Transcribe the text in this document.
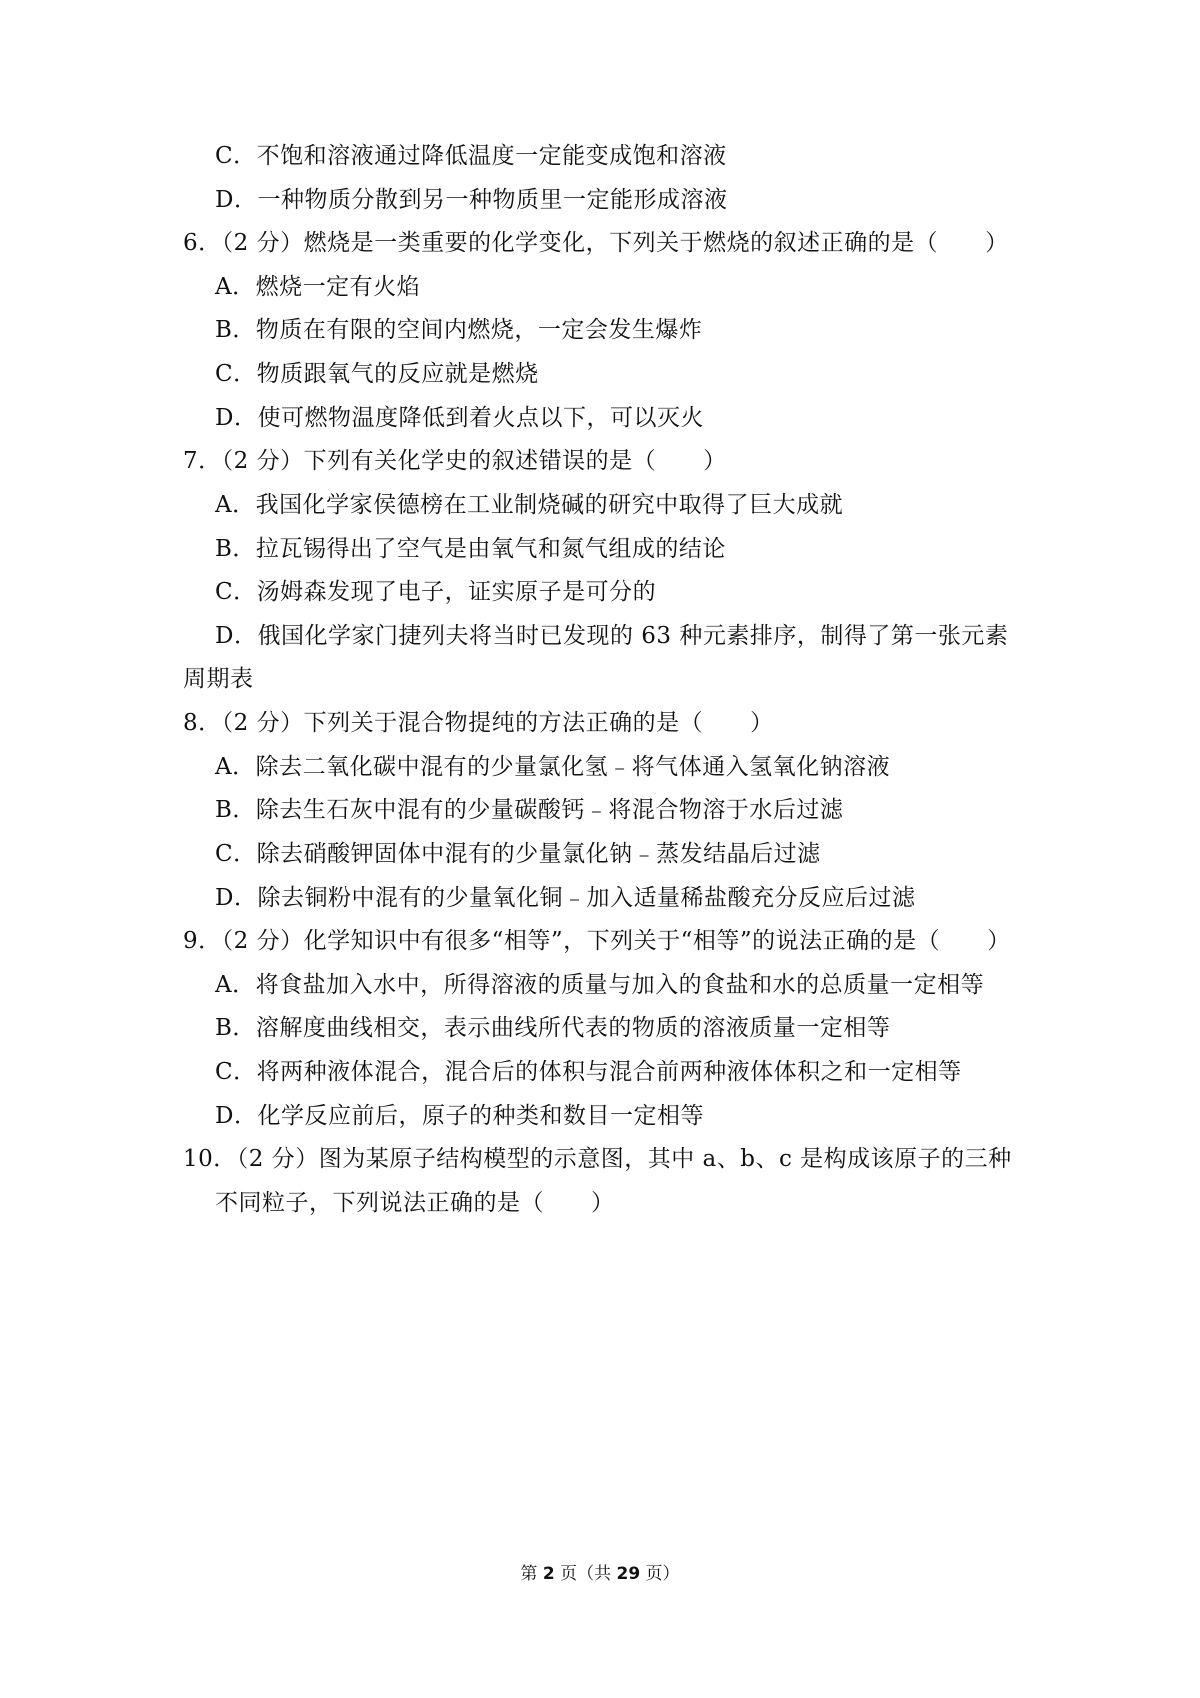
C．不饱和溶液通过降低温度一定能变成饱和溶液
D．一种物质分散到另一种物质里一定能形成溶液
6．（2 分）燃烧是一类重要的化学变化，下列关于燃烧的叙述正确的是（　　）
A．燃烧一定有火焰
B．物质在有限的空间内燃烧，一定会发生爆炸
C．物质跟氧气的反应就是燃烧
D．使可燃物温度降低到着火点以下，可以灭火
7．（2 分）下列有关化学史的叙述错误的是（　　）
A．我国化学家侯德榜在工业制烧碱的研究中取得了巨大成就
B．拉瓦锡得出了空气是由氧气和氮气组成的结论
C．汤姆森发现了电子，证实原子是可分的
D．俄国化学家门捷列夫将当时已发现的 63 种元素排序，制得了第一张元素
周期表
8．（2 分）下列关于混合物提纯的方法正确的是（　　）
A．除去二氧化碳中混有的少量氯化氢﹣将气体通入氢氧化钠溶液
B．除去生石灰中混有的少量碳酸钙﹣将混合物溶于水后过滤
C．除去硝酸钾固体中混有的少量氯化钠﹣蒸发结晶后过滤
D．除去铜粉中混有的少量氧化铜﹣加入适量稀盐酸充分反应后过滤
9．（2 分）化学知识中有很多“相等”，下列关于“相等”的说法正确的是（　　）
A．将食盐加入水中，所得溶液的质量与加入的食盐和水的总质量一定相等
B．溶解度曲线相交，表示曲线所代表的物质的溶液质量一定相等
C．将两种液体混合，混合后的体积与混合前两种液体体积之和一定相等
D．化学反应前后，原子的种类和数目一定相等
10．（2 分）图为某原子结构模型的示意图，其中 a、b、c 是构成该原子的三种
不同粒子，下列说法正确的是（　　）
第 2 页（共 29 页）
